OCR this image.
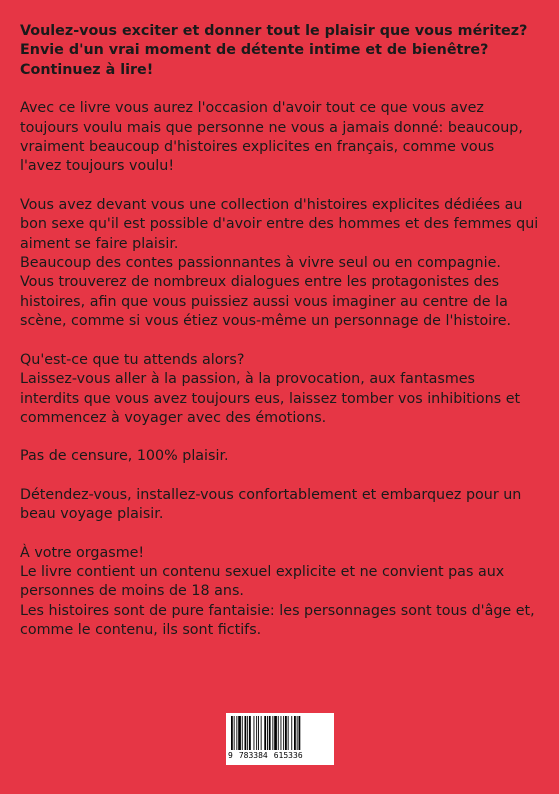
Voulez-vous exciter et donner tout le plaisir que vous méritez?
Envie d'un vrai moment de détente intime et de bienêtre?
Continuez à lire!

Avec ce livre vous aurez l'occasion d'avoir tout ce que vous avez
toujours voulu mais que personne ne vous a jamais donné: beaucoup,
vraiment beaucoup d'histoires explicites en français, comme vous
l'avez toujours voulu!

Vous avez devant vous une collection d'histoires explicites dédiées au
bon sexe qu'il est possible d'avoir entre des hommes et des femmes qui
aiment se faire plaisir.
Beaucoup des contes passionnantes à vivre seul ou en compagnie.
Vous trouverez de nombreux dialogues entre les protagonistes des
histoires, afin que vous puissiez aussi vous imaginer au centre de la
scène, comme si vous étiez vous-même un personnage de l'histoire.

Qu'est-ce que tu attends alors?
Laissez-vous aller à la passion, à la provocation, aux fantasmes
interdits que vous avez toujours eus, laissez tomber vos inhibitions et
commencez à voyager avec des émotions.

Pas de censure, 100% plaisir.

Détendez-vous, installez-vous confortablement et embarquez pour un
beau voyage plaisir.

À votre orgasme!
Le livre contient un contenu sexuel explicite et ne convient pas aux
personnes de moins de 18 ans.
Les histoires sont de pure fantaisie: les personnages sont tous d'âge et,
comme le contenu, ils sont fictifs.

9 783384 615336
